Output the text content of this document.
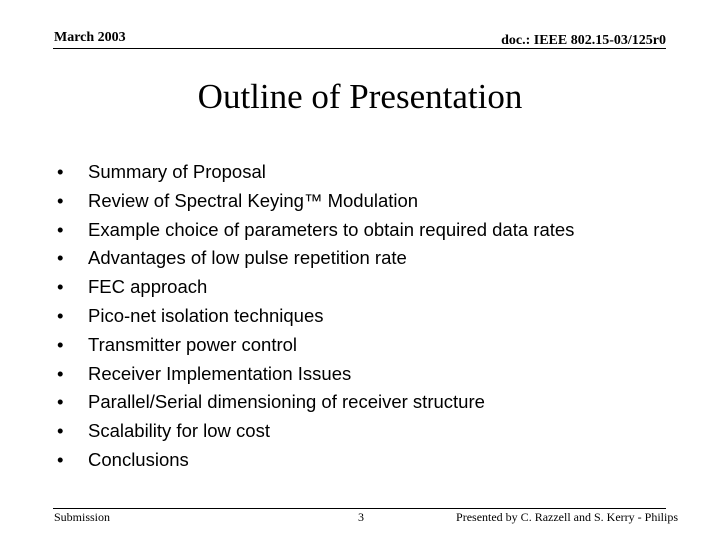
March 2003	doc.: IEEE 802.15-03/125r0
Outline of Presentation
•	Summary of Proposal
•	Review of Spectral Keying™ Modulation
•	Example choice of parameters to obtain required data rates
•	Advantages of low pulse repetition rate
•	FEC approach
•	Pico-net isolation techniques
•	Transmitter power control
•	Receiver Implementation Issues
•	Parallel/Serial dimensioning of receiver structure
•	Scalability for low cost
•	Conclusions
Submission	3	Presented by C. Razzell and S. Kerry - Philips
